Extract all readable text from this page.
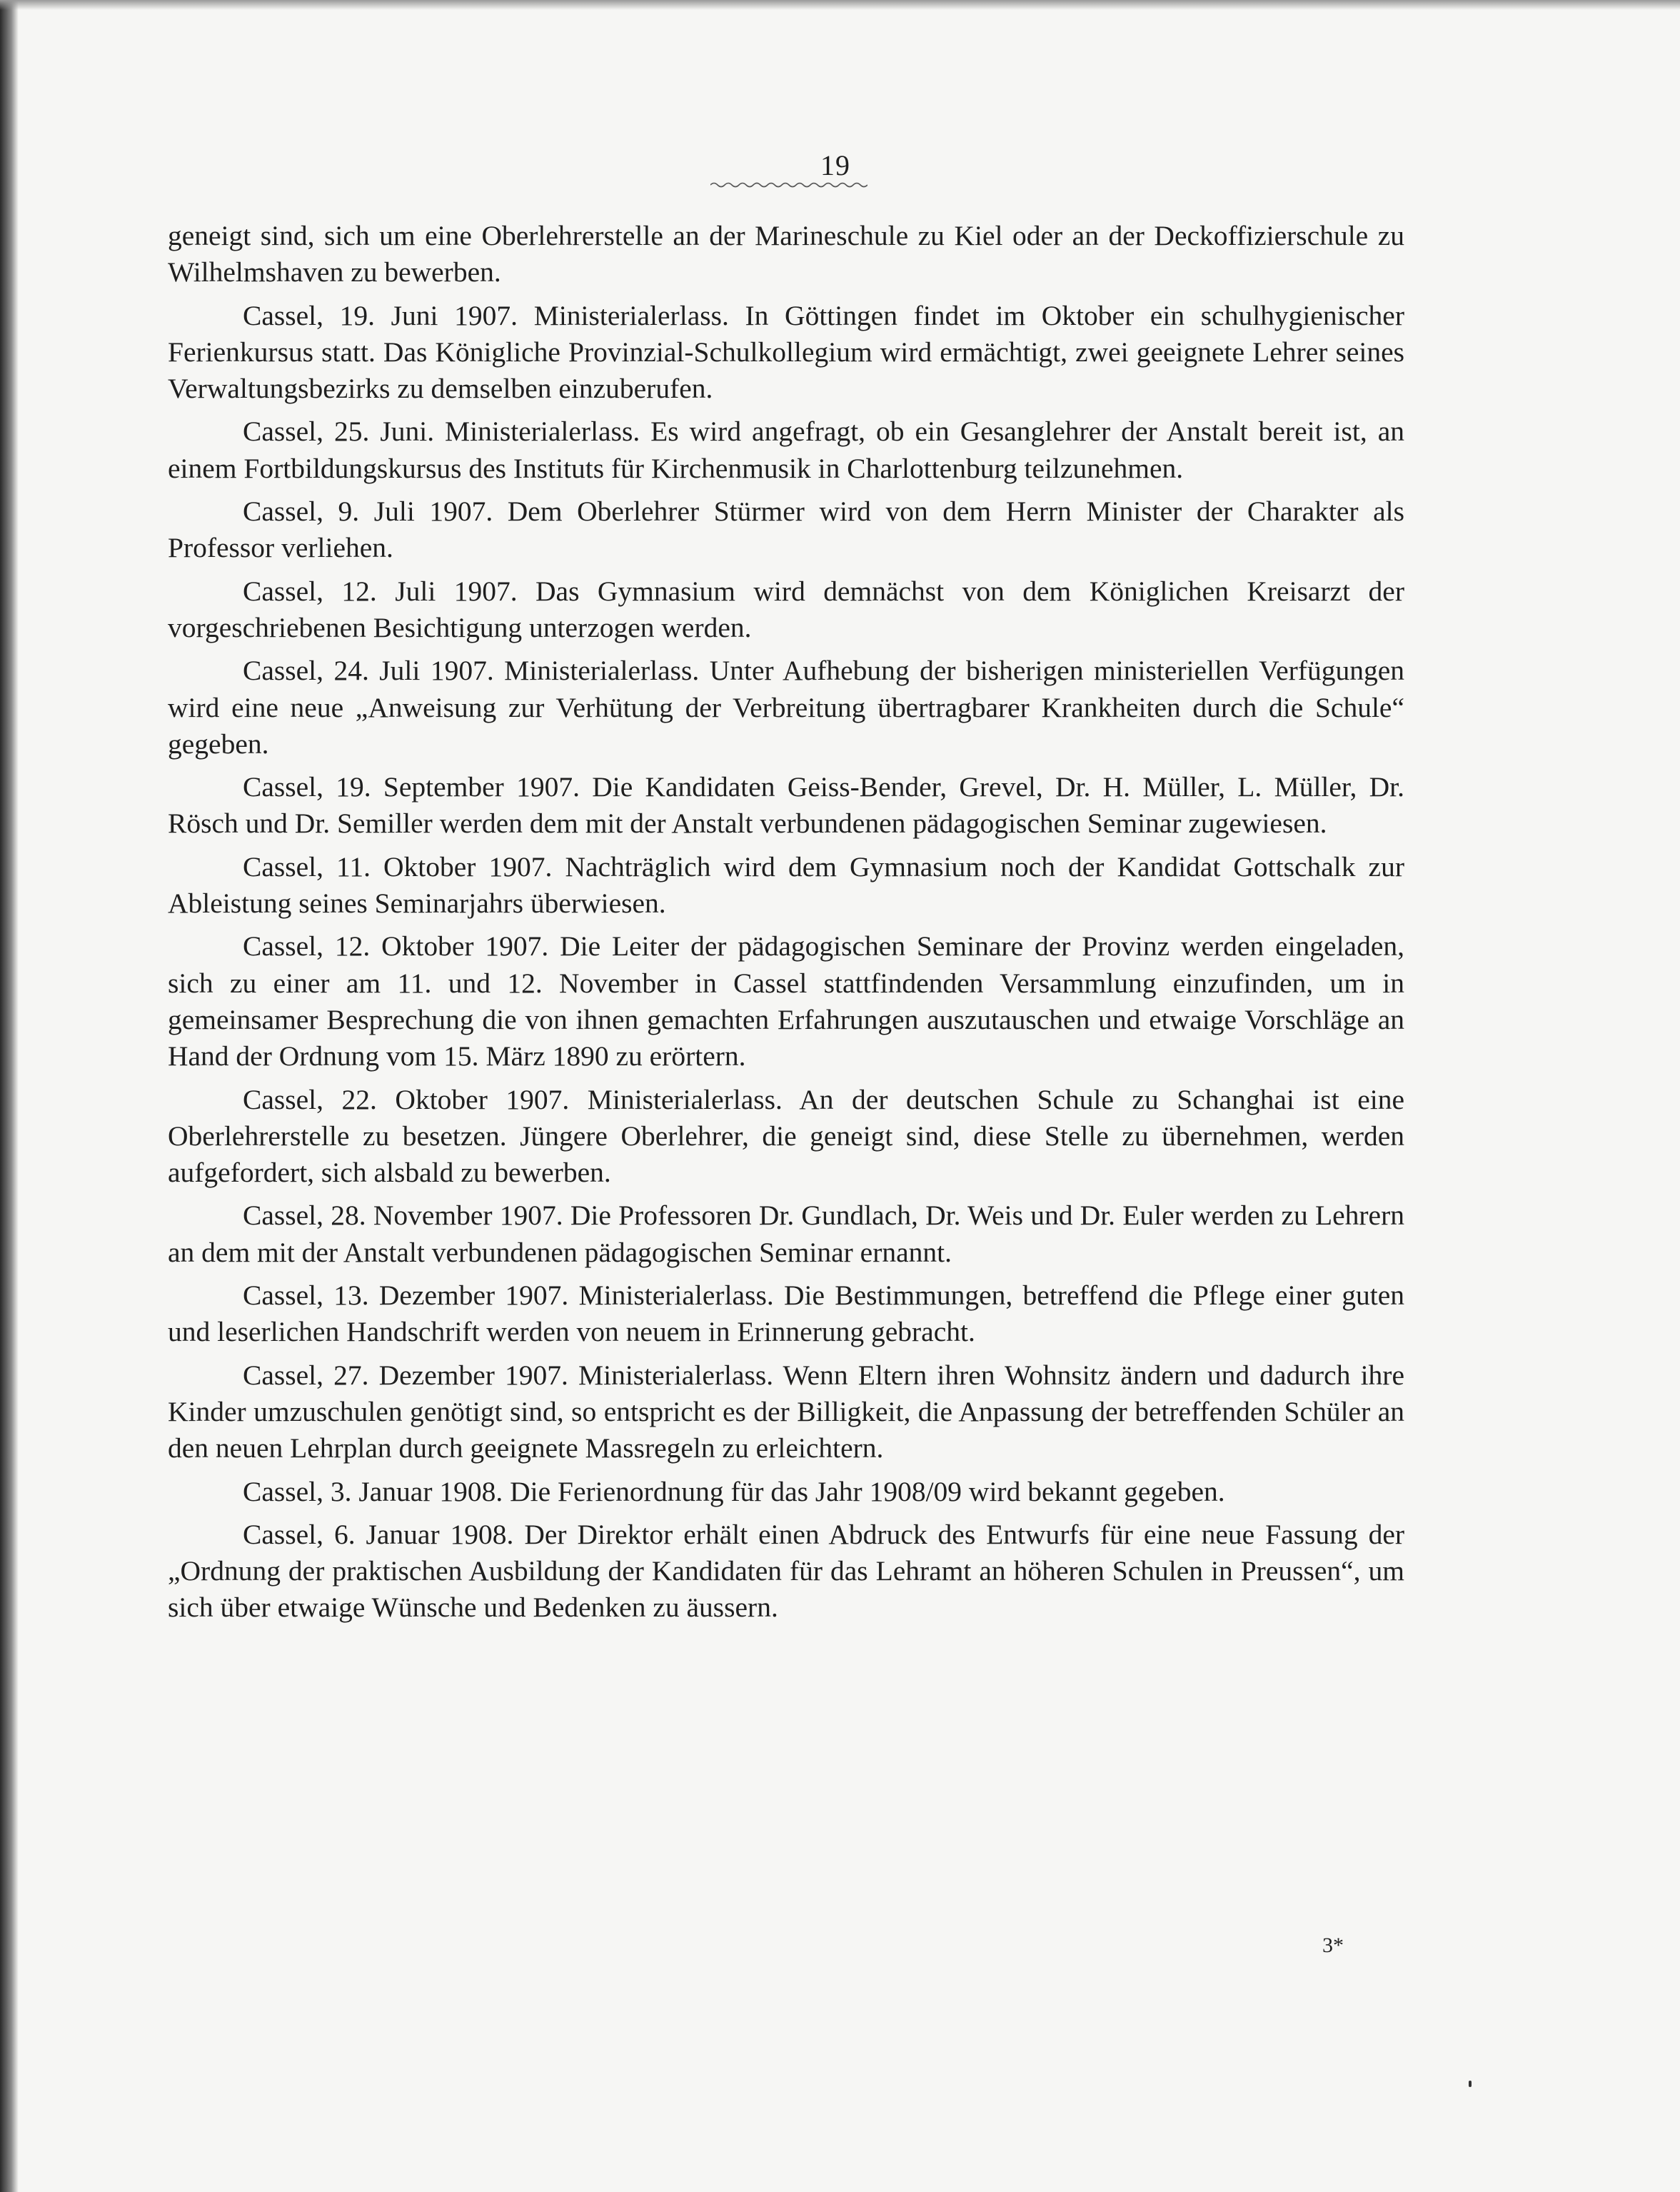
19

geneigt sind, sich um eine Oberlehrerstelle an der Marineschule zu Kiel oder an der Deckoffizierschule zu Wilhelmshaven zu bewerben.

Cassel, 19. Juni 1907. Ministerialerlass. In Göttingen findet im Oktober ein schulhygienischer Ferienkursus statt. Das Königliche Provinzial-Schulkollegium wird ermächtigt, zwei geeignete Lehrer seines Verwaltungsbezirks zu demselben einzuberufen.

Cassel, 25. Juni. Ministerialerlass. Es wird angefragt, ob ein Gesanglehrer der Anstalt bereit ist, an einem Fortbildungskursus des Instituts für Kirchenmusik in Charlottenburg teilzunehmen.

Cassel, 9. Juli 1907. Dem Oberlehrer Stürmer wird von dem Herrn Minister der Charakter als Professor verliehen.

Cassel, 12. Juli 1907. Das Gymnasium wird demnächst von dem Königlichen Kreisarzt der vorgeschriebenen Besichtigung unterzogen werden.

Cassel, 24. Juli 1907. Ministerialerlass. Unter Aufhebung der bisherigen ministeriellen Verfügungen wird eine neue „Anweisung zur Verhütung der Verbreitung übertragbarer Krankheiten durch die Schule“ gegeben.

Cassel, 19. September 1907. Die Kandidaten Geiss-Bender, Grevel, Dr. H. Müller, L. Müller, Dr. Rösch und Dr. Semiller werden dem mit der Anstalt verbundenen pädagogischen Seminar zugewiesen.

Cassel, 11. Oktober 1907. Nachträglich wird dem Gymnasium noch der Kandidat Gottschalk zur Ableistung seines Seminarjahrs überwiesen.

Cassel, 12. Oktober 1907. Die Leiter der pädagogischen Seminare der Provinz werden eingeladen, sich zu einer am 11. und 12. November in Cassel stattfindenden Versammlung einzufinden, um in gemeinsamer Besprechung die von ihnen gemachten Erfahrungen auszutauschen und etwaige Vorschläge an Hand der Ordnung vom 15. März 1890 zu erörtern.

Cassel, 22. Oktober 1907. Ministerialerlass. An der deutschen Schule zu Schanghai ist eine Oberlehrerstelle zu besetzen. Jüngere Oberlehrer, die geneigt sind, diese Stelle zu übernehmen, werden aufgefordert, sich alsbald zu bewerben.

Cassel, 28. November 1907. Die Professoren Dr. Gundlach, Dr. Weis und Dr. Euler werden zu Lehrern an dem mit der Anstalt verbundenen pädagogischen Seminar ernannt.

Cassel, 13. Dezember 1907. Ministerialerlass. Die Bestimmungen, betreffend die Pflege einer guten und leserlichen Handschrift werden von neuem in Erinnerung gebracht.

Cassel, 27. Dezember 1907. Ministerialerlass. Wenn Eltern ihren Wohnsitz ändern und dadurch ihre Kinder umzuschulen genötigt sind, so entspricht es der Billigkeit, die Anpassung der betreffenden Schüler an den neuen Lehrplan durch geeignete Massregeln zu erleichtern.

Cassel, 3. Januar 1908. Die Ferienordnung für das Jahr 1908/09 wird bekannt gegeben.

Cassel, 6. Januar 1908. Der Direktor erhält einen Abdruck des Entwurfs für eine neue Fassung der „Ordnung der praktischen Ausbildung der Kandidaten für das Lehramt an höheren Schulen in Preussen“, um sich über etwaige Wünsche und Bedenken zu äussern.

3*
